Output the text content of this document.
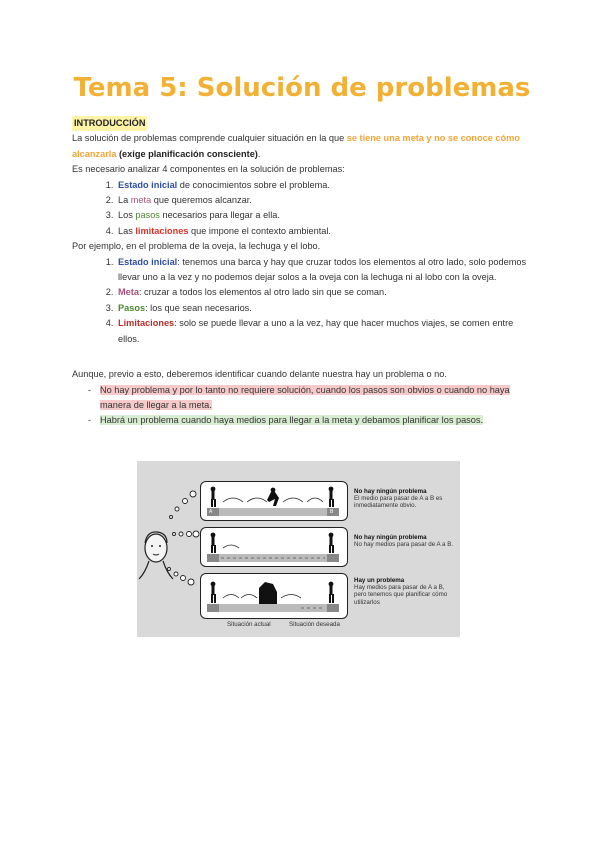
Tema 5: Solución de problemas
INTRODUCCIÓN

La solución de problemas comprende cualquier situación en la que se tiene una meta y no se conoce cómo alcanzarla (exige planificación consciente).

Es necesario analizar 4 componentes en la solución de problemas:

1. Estado inicial de conocimientos sobre el problema.
2. La meta que queremos alcanzar.
3. Los pasos necesarios para llegar a ella.
4. Las limitaciones que impone el contexto ambiental.

Por ejemplo, en el problema de la oveja, la lechuga y el lobo.

1. Estado inicial: tenemos una barca y hay que cruzar todos los elementos al otro lado, solo podemos llevar uno a la vez y no podemos dejar solos a la oveja con la lechuga ni al lobo con la oveja.
2. Meta: cruzar a todos los elementos al otro lado sin que se coman.
3. Pasos: los que sean necesarios.
4. Limitaciones: solo se puede llevar a uno a la vez, hay que hacer muchos viajes, se comen entre ellos.

Aunque, previo a esto, deberemos identificar cuando delante nuestra hay un problema o no.

- No hay problema y por lo tanto no requiere solución, cuando los pasos son obvios o cuando no haya manera de llegar a la meta.
- Habrá un problema cuando haya medios para llegar a la meta y debamos planificar los pasos.
A	B
No hay ningún problema
El medio para pasar de A a B es inmediatamente obvio.
No hay ningún problema
No hay medios para pasar de A a B.
Hay un problema
Hay medios para pasar de A a B, pero tenemos que planificar cómo utilizarlos
Situación actual	Situación deseada
